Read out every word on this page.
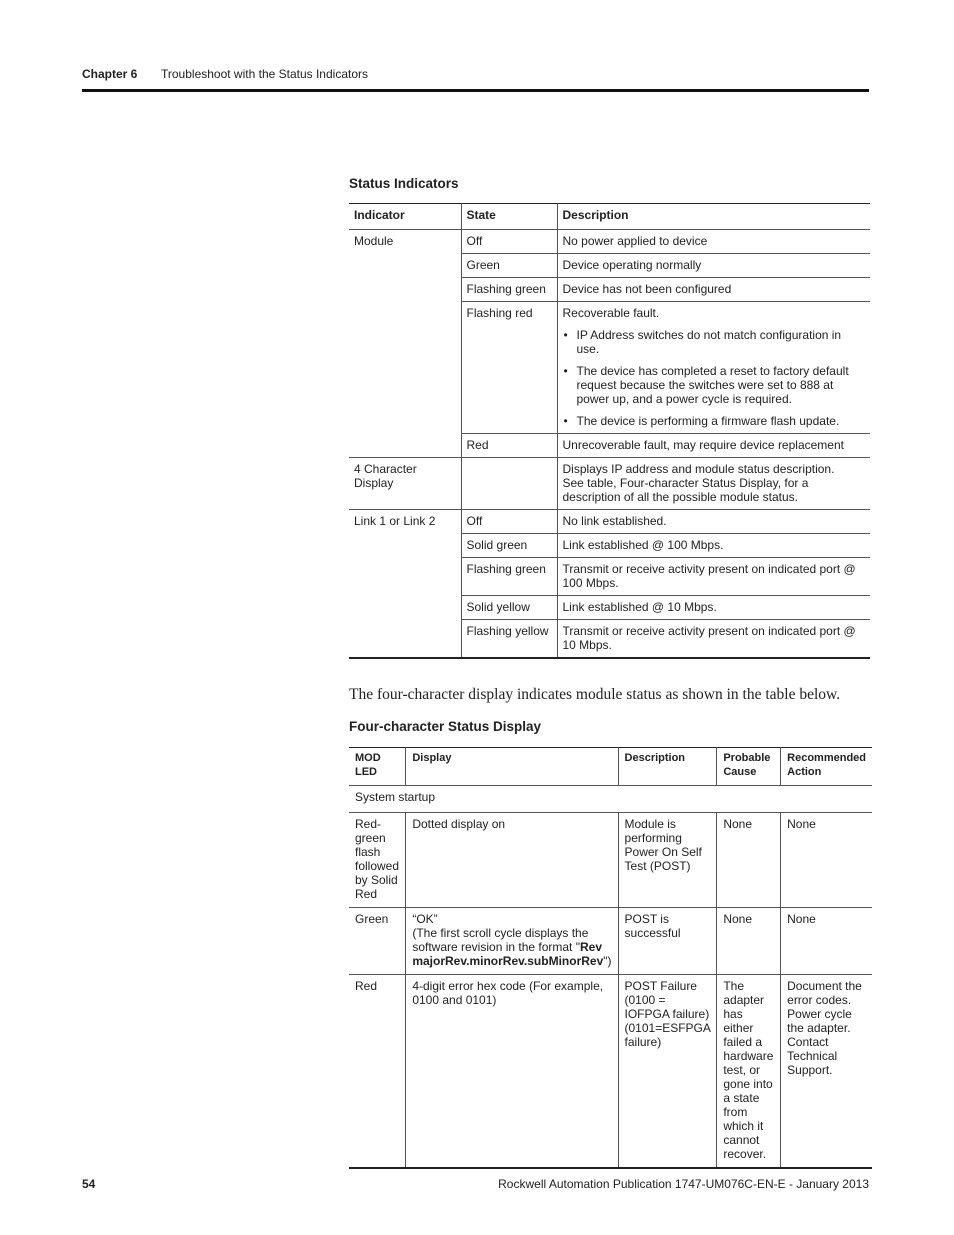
Chapter 6 Troubleshoot with the Status Indicators
Status Indicators
Indicator	State	Description
Module	Off	No power applied to device
	Green	Device operating normally
	Flashing green	Device has not been configured
	Flashing red	Recoverable fault.
• IP Address switches do not match configuration in use.
• The device has completed a reset to factory default request because the switches were set to 888 at power up, and a power cycle is required.
• The device is performing a firmware flash update.

	Red	Unrecoverable fault, may require device replacement
4 Character Display		Displays IP address and module status description.
See table, Four-character Status Display, for a description of all the possible module status.

Link 1 or Link 2	Off	No link established.
	Solid green	Link established @ 100 Mbps.
	Flashing green	Transmit or receive activity present on indicated port @ 100 Mbps.
	Solid yellow	Link established @ 10 Mbps.
	Flashing yellow	Transmit or receive activity present on indicated port @ 10 Mbps.
The four-character display indicates module status as shown in the table below.
Four-character Status Display
MOD LED	Display	Description	Probable Cause	Recommended Action
System startup				
Red-green flash followed by Solid Red	Dotted display on	Module is performing Power On Self Test (POST)	None	None
Green	“OK”
(The first scroll cycle displays the software revision in the format "Rev majorRev.minorRev.subMinorRev")	POST is successful	None	None
Red	4-digit error hex code (For example, 0100 and 0101)	POST Failure
(0100 = IOFPGA failure)
(0101=ESFPGA failure)	The adapter has either failed a hardware test, or gone into a state from which it cannot recover.	Document the error codes. Power cycle the adapter. Contact Technical Support.
54	Rockwell Automation Publication 1747-UM076C-EN-E - January 2013
